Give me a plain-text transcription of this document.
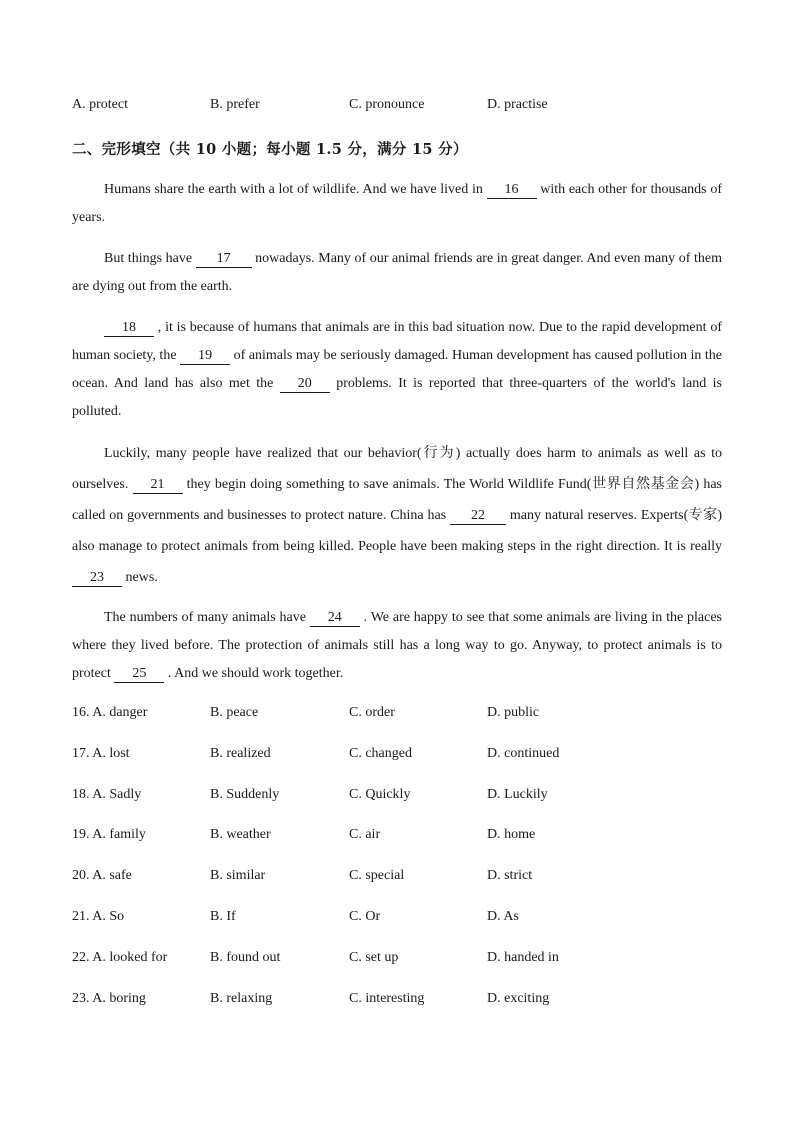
A. protect	B. prefer	C. pronounce	D. practise
二、完形填空（共 10 小题；每小题 1.5 分，满分 15 分）
Humans share the earth with a lot of wildlife. And we have lived in 16 with each other for thousands of years.
But things have 17 nowadays. Many of our animal friends are in great danger. And even many of them are dying out from the earth.
18 , it is because of humans that animals are in this bad situation now. Due to the rapid development of human society, the 19 of animals may be seriously damaged. Human development has caused pollution in the ocean. And land has also met the 20 problems. It is reported that three-quarters of the world's land is polluted.
Luckily, many people have realized that our behavior(行为) actually does harm to animals as well as to ourselves. 21 they begin doing something to save animals. The World Wildlife Fund(世界自然基金会) has called on governments and businesses to protect nature. China has 22 many natural reserves. Experts(专家) also manage to protect animals from being killed. People have been making steps in the right direction. It is really 23 news.
The numbers of many animals have 24 . We are happy to see that some animals are living in the places where they lived before. The protection of animals still has a long way to go. Anyway, to protect animals is to protect 25 . And we should work together.
16. A. danger	B. peace	C. order	D. public
17. A. lost	B. realized	C. changed	D. continued
18. A. Sadly	B. Suddenly	C. Quickly	D. Luckily
19. A. family	B. weather	C. air	D. home
20. A. safe	B. similar	C. special	D. strict
21. A. So	B. If	C. Or	D. As
22. A. looked for	B. found out	C. set up	D. handed in
23. A. boring	B. relaxing	C. interesting	D. exciting
